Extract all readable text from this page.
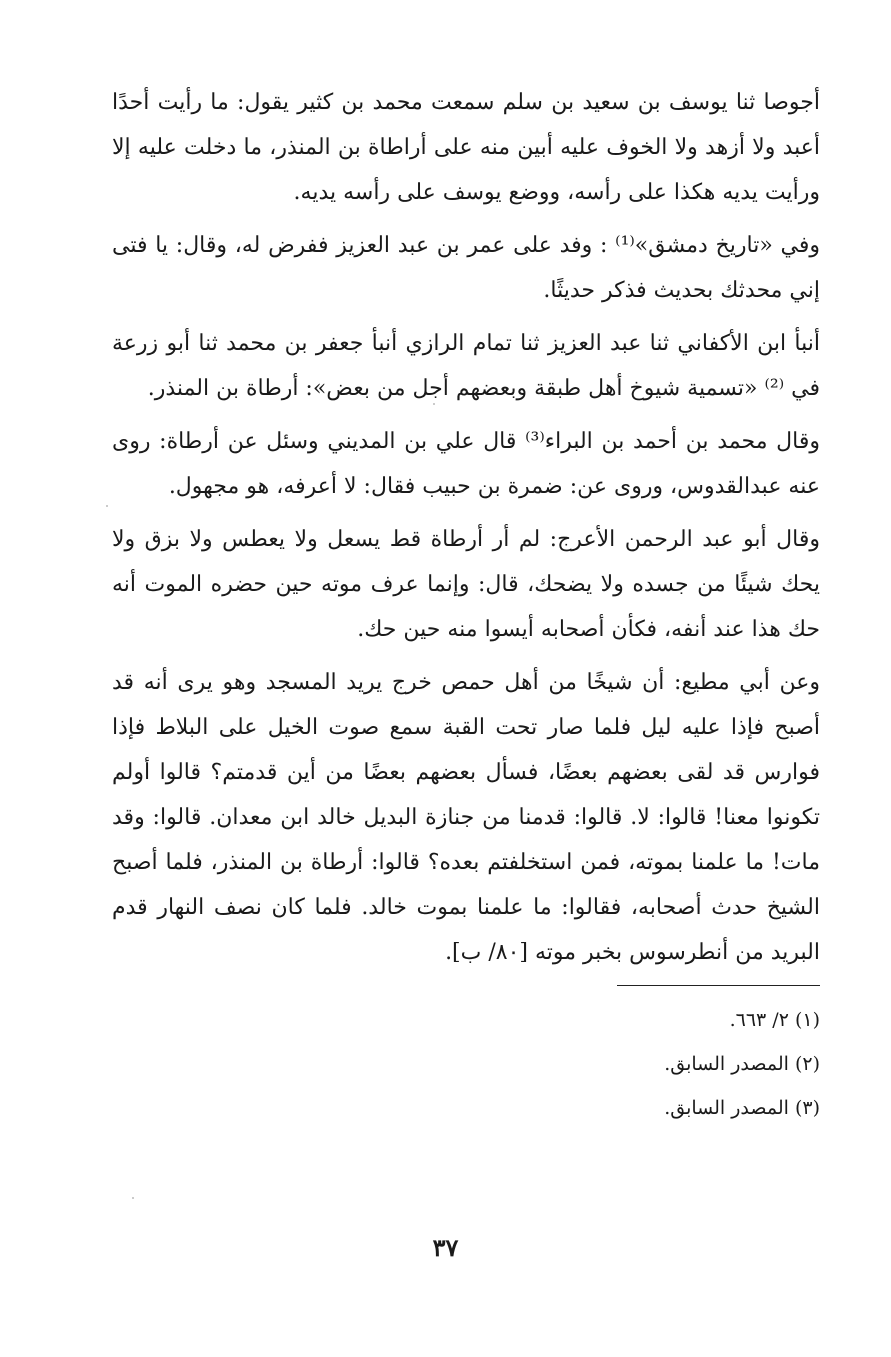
أجوصا ثنا يوسف بن سعيد بن سلم سمعت محمد بن كثير يقول: ما رأيت أحدًا أعبد ولا أزهد ولا الخوف عليه أبين منه على أراطاة بن المنذر، ما دخلت عليه إلا ورأيت يديه هكذا على رأسه، ووضع يوسف على رأسه يديه.

وفي «تاريخ دمشق»⁽¹⁾ : وفد على عمر بن عبد العزيز ففرض له، وقال: يا فتى إني محدثك بحديث فذكر حديثًا.

أنبأ ابن الأكفاني ثنا عبد العزيز ثنا تمام الرازي أنبأ جعفر بن محمد ثنا أبو زرعة في ⁽²⁾ «تسمية شيوخ أهل طبقة وبعضهم أجل من بعض»: أرطاة بن المنذر.

وقال محمد بن أحمد بن البراء⁽³⁾ قال علي بن المديني وسئل عن أرطاة: روى عنه عبدالقدوس، وروى عن: ضمرة بن حبيب فقال: لا أعرفه، هو مجهول.

وقال أبو عبد الرحمن الأعرج: لم أر أرطاة قط يسعل ولا يعطس ولا بزق ولا يحك شيئًا من جسده ولا يضحك، قال: وإنما عرف موته حين حضره الموت أنه حك هذا عند أنفه، فكأن أصحابه أيسوا منه حين حك.

وعن أبي مطيع: أن شيخًا من أهل حمص خرج يريد المسجد وهو يرى أنه قد أصبح فإذا عليه ليل فلما صار تحت القبة سمع صوت الخيل على البلاط فإذا فوارس قد لقى بعضهم بعضًا، فسأل بعضهم بعضًا من أين قدمتم؟ قالوا أولم تكونوا معنا! قالوا: لا. قالوا: قدمنا من جنازة البديل خالد ابن معدان. قالوا: وقد مات! ما علمنا بموته، فمن استخلفتم بعده؟ قالوا: أرطاة بن المنذر، فلما أصبح الشيخ حدث أصحابه، فقالوا: ما علمنا بموت خالد. فلما كان نصف النهار قدم البريد من أنطرسوس بخبر موته [٨٠/ ب].

(١) ٢/ ٦٦٣.

(٢) المصدر السابق.

(٣) المصدر السابق.

٣٧
